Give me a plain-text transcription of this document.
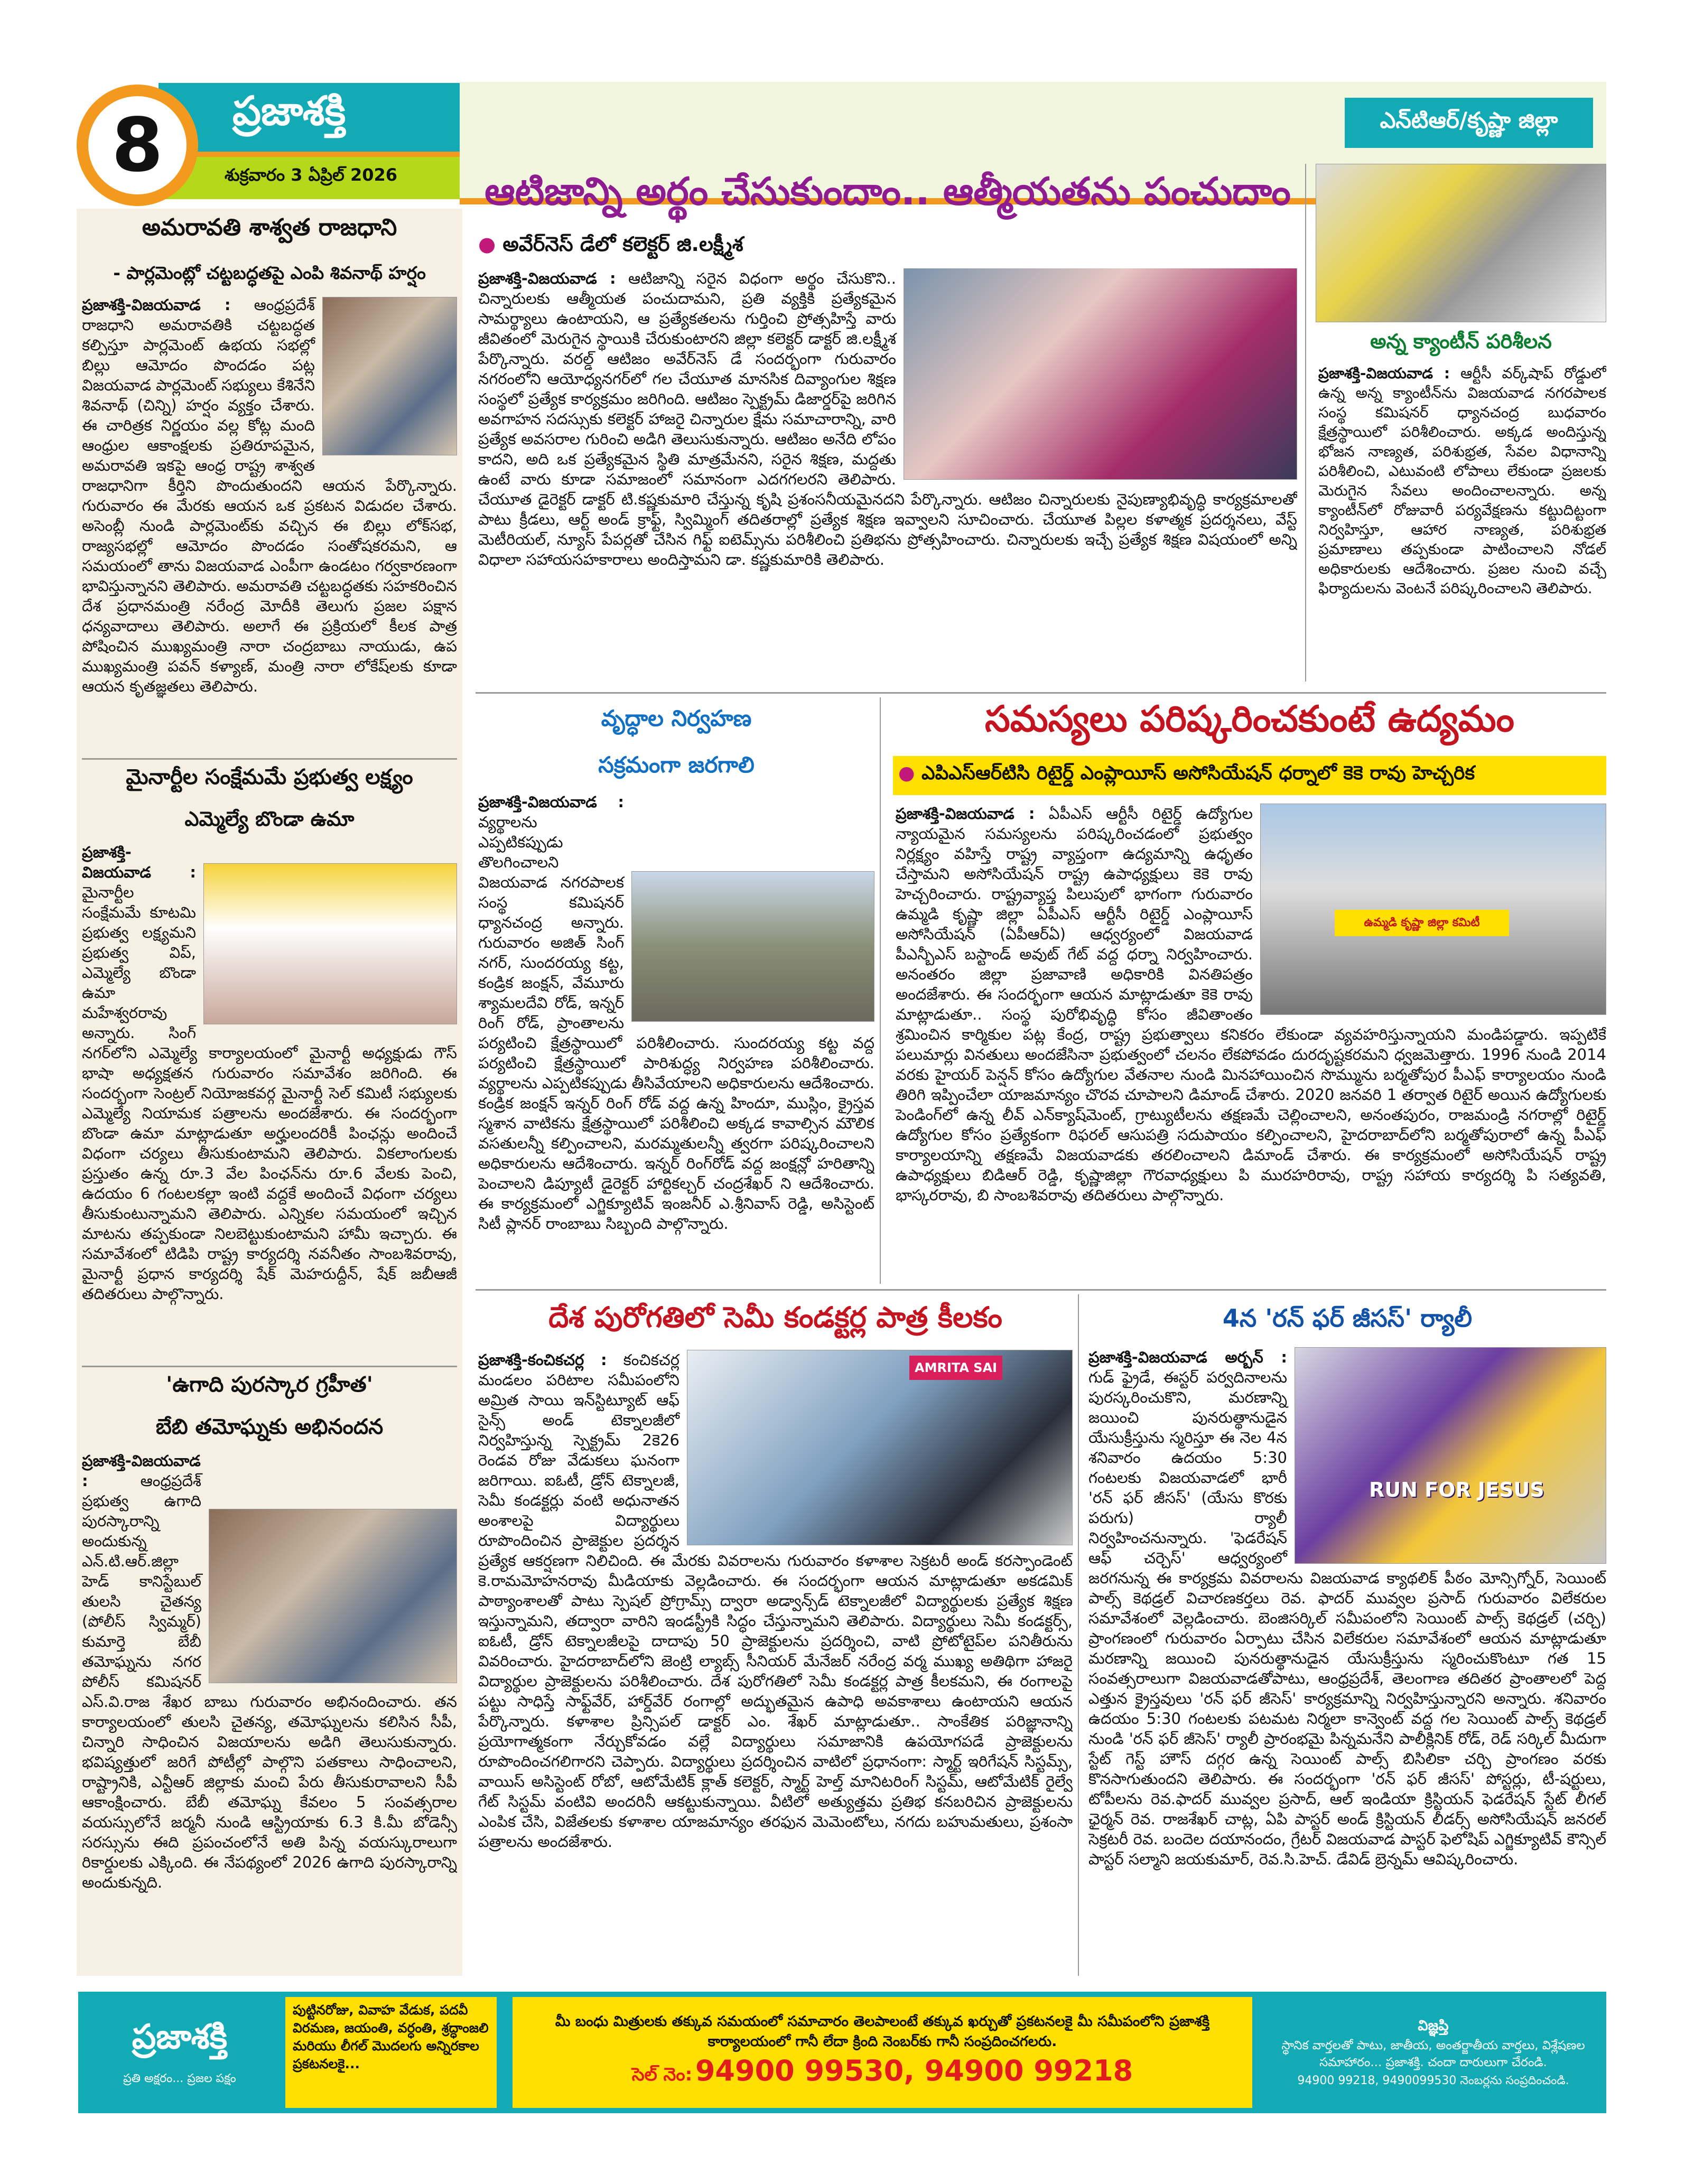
8 ప్రజాశక్తి
శుక్రవారం 3 ఏప్రిల్ 2026
ఎన్‌టిఆర్/కృష్ణా జిల్లా
అమరావతి శాశ్వత రాజధాని
- పార్లమెంట్లో చట్టబద్ధతపై ఎంపి శివనాథ్ హర్షం
ప్రజాశక్తి-విజయవాడ : ఆంధ్రప్రదేశ్ రాజధాని అమరావతికి చట్టబద్ధత కల్పిస్తూ పార్లమెంట్ ఉభయ సభల్లో బిల్లు ఆమోదం పొందడం పట్ల విజయవాడ పార్లమెంట్ సభ్యులు కేశినేని శివనాథ్ (చిన్ని) హర్షం వ్యక్తం చేశారు. ఈ చారిత్రక నిర్ణయం వల్ల కోట్ల మంది ఆంధ్రుల ఆకాంక్షలకు ప్రతిరూపమైన, అమరావతి ఇకపై ఆంధ్ర రాష్ట్ర శాశ్వత రాజధానిగా కీర్తిని పొందుతుందని ఆయన పేర్కొన్నారు. గురువారం ఈ మేరకు ఆయన ఒక ప్రకటన విడుదల చేశారు. అసెంబ్లీ నుండి పార్లమెంట్‌కు వచ్చిన ఈ బిల్లు లోక్‌సభ, రాజ్యసభల్లో ఆమోదం పొందడం సంతోషకరమని, ఆ సమయంలో తాను విజయవాడ ఎంపీగా ఉండటం గర్వకారణంగా భావిస్తున్నానని తెలిపారు. అమరావతి చట్టబద్ధతకు సహకరించిన దేశ ప్రధానమంత్రి నరేంద్ర మోదీకి తెలుగు ప్రజల పక్షాన ధన్యవాదాలు తెలిపారు. అలాగే ఈ ప్రక్రియలో కీలక పాత్ర పోషించిన ముఖ్యమంత్రి నారా చంద్రబాబు నాయుడు, ఉప ముఖ్యమంత్రి పవన్ కళ్యాణ్, మంత్రి నారా లోకేష్‌లకు కూడా ఆయన కృతజ్ఞతలు తెలిపారు.
మైనార్టీల సంక్షేమమే ప్రభుత్వ లక్ష్యం
ఎమ్మెల్యే బొండా ఉమా
ప్రజాశక్తి-విజయవాడ : మైనార్టీల సంక్షేమమే కూటమి ప్రభుత్వ లక్ష్యమని ప్రభుత్వ విప్, ఎమ్మెల్యే బొండా ఉమా మహేశ్వరరావు అన్నారు. సింగ్ నగర్‌లోని ఎమ్మెల్యే కార్యాలయంలో మైనార్టీ అధ్యక్షుడు గౌస్ భాషా అధ్యక్షతన గురువారం సమావేశం జరిగింది. ఈ సందర్భంగా సెంట్రల్ నియోజకవర్గ మైనార్టీ సెల్ కమిటీ సభ్యులకు ఎమ్మెల్యే నియామక పత్రాలను అందజేశారు. ఈ సందర్భంగా బొండా ఉమా మాట్లాడుతూ అర్హులందరికీ పింఛన్లు అందించే విధంగా చర్యలు తీసుకుంటామని తెలిపారు. వికలాంగులకు ప్రస్తుతం ఉన్న రూ.3 వేల పింఛన్‌ను రూ.6 వేలకు పెంచి, ఉదయం 6 గంటలకల్లా ఇంటి వద్దకే అందించే విధంగా చర్యలు తీసుకుంటున్నామని తెలిపారు. ఎన్నికల సమయంలో ఇచ్చిన మాటను తప్పకుండా నిలబెట్టుకుంటామని హామీ ఇచ్చారు. ఈ సమావేశంలో టిడిపి రాష్ట్ర కార్యదర్శి నవనీతం సాంబశివరావు, మైనార్టీ ప్రధాన కార్యదర్శి షేక్ మెహరుద్దీన్, షేక్ జబీఆజీ తదితరులు పాల్గొన్నారు.
'ఉగాది పురస్కార గ్రహీత'
బేబి తమోఘ్నకు అభినందన
ప్రజాశక్తి-విజయవాడ :	ఆంధ్రప్రదేశ్ ప్రభుత్వ ఉగాది పురస్కారాన్ని అందుకున్న ఎన్.టి.ఆర్.జిల్లా హెడ్ కానిస్టేబుల్ తులసి చైతన్య (పోలీస్ స్విమ్మర్) కుమార్తె బేబీ తమోఘ్నను నగర పోలీస్ కమిషనర్ ఎస్.వి.రాజ శేఖర బాబు గురువారం అభినందించారు. తన కార్యాలయంలో తులసి చైతన్య, తమోఘ్నలను కలిసిన సీపీ, చిన్నారి సాధించిన విజయాలను అడిగి తెలుసుకున్నారు. భవిష్యత్తులో జరిగే పోటీల్లో పాల్గొని పతకాలు సాధించాలని, రాష్ట్రానికి, ఎన్టీఆర్ జిల్లాకు మంచి పేరు తీసుకురావాలని సీపీ ఆకాంక్షించారు. బేబీ తమోఘ్న కేవలం 5 సంవత్సరాల వయస్సులోనే జర్మనీ నుండి ఆస్ట్రియాకు 6.3 కి.మీ బోడెన్సీ సరస్సును ఈది ప్రపంచంలోనే అతి పిన్న వయస్కురాలుగా రికార్డులకు ఎక్కింది. ఈ నేపథ్యంలో 2026 ఉగాది పురస్కారాన్ని అందుకున్నది.
ఆటిజాన్ని అర్థం చేసుకుందాం.. ఆత్మీయతను పంచుదాం
● అవేర్‌నెస్ డేలో కలెక్టర్ జి.లక్ష్మీశ
ప్రజాశక్తి-విజయవాడ : ఆటిజాన్ని సరైన విధంగా అర్థం చేసుకొని.. చిన్నారులకు ఆత్మీయత పంచుదామని, ప్రతి వ్యక్తికి ప్రత్యేకమైన సామర్థ్యాలు ఉంటాయని, ఆ ప్రత్యేకతలను గుర్తించి ప్రోత్సహిస్తే వారు జీవితంలో మెరుగైన స్థాయికి చేరుకుంటారని జిల్లా కలెక్టర్ డాక్టర్ జి.లక్ష్మీశ పేర్కొన్నారు. వరల్డ్ ఆటిజం అవేర్‌నెస్ డే సందర్భంగా గురువారం నగరంలోని ఆయోధ్యనగర్‌లో గల చేయూత మానసిక దివ్యాంగుల శిక్షణ సంస్థలో ప్రత్యేక కార్యక్రమం జరిగింది. ఆటిజం స్పెక్ట్రమ్ డిజార్డర్‌పై జరిగిన అవగాహన సదస్సుకు కలెక్టర్ హాజరై చిన్నారుల క్షేమ సమాచారాన్ని, వారి ప్రత్యేక అవసరాల గురించి అడిగి తెలుసుకున్నారు. ఆటిజం అనేది లోపం కాదని, అది ఒక ప్రత్యేకమైన స్థితి మాత్రమేనని, సరైన శిక్షణ, మద్దతు ఉంటే వారు కూడా సమాజంలో సమానంగా ఎదగగలరని తెలిపారు. చేయూత డైరెక్టర్ డాక్టర్ టి.కష్ణకుమారి చేస్తున్న కృషి ప్రశంసనీయమైనదని పేర్కొన్నారు. ఆటిజం చిన్నారులకు నైపుణ్యాభివృద్ధి కార్యక్రమాలతో పాటు క్రీడలు, ఆర్ట్ అండ్ క్రాఫ్ట్, స్విమ్మింగ్ తదితరాల్లో ప్రత్యేక శిక్షణ ఇవ్వాలని సూచించారు. చేయూత పిల్లల కళాత్మక ప్రదర్శనలు, వేస్ట్ మెటీరియల్, న్యూస్ పేపర్లతో చేసిన గిఫ్ట్ ఐటెమ్స్‌ను పరిశీలించి ప్రతిభను ప్రోత్సహించారు. చిన్నారులకు ఇచ్చే ప్రత్యేక శిక్షణ విషయంలో అన్ని విధాలా సహాయసహకారాలు అందిస్తామని డా. కష్ణకుమారికి తెలిపారు.
అన్న క్యాంటీన్ పరిశీలన
ప్రజాశక్తి-విజయవాడ : ఆర్టీసీ వర్క్‌షాప్ రోడ్డులో ఉన్న అన్న క్యాంటీన్‌ను విజయవాడ నగరపాలక సంస్థ కమిషనర్ ధ్యానచంద్ర బుధవారం క్షేత్రస్థాయిలో పరిశీలించారు. అక్కడ అందిస్తున్న భోజన నాణ్యత, పరిశుభ్రత, సేవల విధానాన్ని పరిశీలించి, ఎటువంటి లోపాలు లేకుండా ప్రజలకు మెరుగైన సేవలు అందించాలన్నారు. అన్న క్యాంటీన్‌లో రోజువారీ పర్యవేక్షణను కట్టుదిట్టంగా నిర్వహిస్తూ, ఆహార నాణ్యత, పరిశుభ్రత ప్రమాణాలు తప్పకుండా పాటించాలని నోడల్ అధికారులకు ఆదేశించారు. ప్రజల నుంచి వచ్చే ఫిర్యాదులను వెంటనే పరిష్కరించాలని తెలిపారు.
వృద్ధాల నిర్వహణ
సక్రమంగా జరగాలి
ప్రజాశక్తి-విజయవాడ : వ్యర్థాలను ఎప్పటికప్పుడు తొలగించాలని విజయవాడ నగరపాలక సంస్థ కమిషనర్ ధ్యానచంద్ర అన్నారు. గురువారం అజిత్ సింగ్ నగర్, సుందరయ్య కట్ట, కండ్రిక జంక్షన్, వేమూరు శ్యామలదేవి రోడ్, ఇన్నర్ రింగ్ రోడ్, ప్రాంతాలను పర్యటించి క్షేత్రస్థాయిలో పరిశీలించారు. సుందరయ్య కట్ట వద్ద పర్యటించి క్షేత్రస్థాయిలో పారిశుద్ధ్య నిర్వహణ పరిశీలించారు. వ్యర్థాలను ఎప్పటికప్పుడు తీసివేయాలని అధికారులను ఆదేశించారు. కండ్రిక జంక్షన్ ఇన్నర్ రింగ్ రోడ్ వద్ద ఉన్న హిందూ, ముస్లిం, క్రైస్తవ స్మశాన వాటికను క్షేత్రస్థాయిలో పరిశీలించి అక్కడ కావాల్సిన మౌలిక వసతులన్నీ కల్పించాలని, మరమ్మతులన్నీ త్వరగా పరిష్కరించాలని అధికారులను ఆదేశించారు. ఇన్నర్ రింగ్‌రోడ్ వద్ద జంక్షన్లో హరితాన్ని పెంచాలని డిప్యూటీ డైరెక్టర్ హార్టికల్చర్ చంద్రశేఖర్ ని ఆదేశించారు. ఈ కార్యక్రమంలో ఎగ్జిక్యూటివ్ ఇంజనీర్ ఎ.శ్రీనివాస్ రెడ్డి, అసిస్టెంట్ సిటీ ప్లానర్ రాంబాబు సిబ్బంది పాల్గొన్నారు.
సమస్యలు పరిష్కరించకుంటే ఉద్యమం
● ఎపిఎస్‌ఆర్‌టిసి రిటైర్డ్ ఎంప్లాయీస్ అసోసియేషన్ ధర్నాలో కెకె రావు హెచ్చరిక
ఉమ్మడి కృష్ణా జిల్లా కమిటీ
ప్రజాశక్తి-విజయవాడ : ఏపీఎస్ ఆర్టీసీ రిటైర్డ్ ఉద్యోగుల న్యాయమైన సమస్యలను పరిష్కరించడంలో ప్రభుత్వం నిర్లక్ష్యం వహిస్తే రాష్ట్ర వ్యాప్తంగా ఉద్యమాన్ని ఉధృతం చేస్తామని అసోసియేషన్ రాష్ట్ర ఉపాధ్యక్షులు కెకె రావు హెచ్చరించారు. రాష్ట్రవ్యాప్త పిలుపులో భాగంగా గురువారం ఉమ్మడి కృష్ణా జిల్లా ఏపీఎస్ ఆర్టీసీ రిటైర్డ్ ఎంప్లాయీస్ అసోసియేషన్ (ఏపీఆర్‌ఏ) ఆధ్వర్యంలో విజయవాడ పీఎన్బీఎస్ బస్టాండ్ అవుట్ గేట్ వద్ద ధర్నా నిర్వహించారు. అనంతరం జిల్లా ప్రజావాణి అధికారికి వినతిపత్రం అందజేశారు. ఈ సందర్భంగా ఆయన మాట్లాడుతూ కెకె రావు మాట్లాడుతూ.. సంస్థ పురోభివృద్ధి కోసం జీవితాంతం శ్రమించిన కార్మికుల పట్ల కేంద్ర, రాష్ట్ర ప్రభుత్వాలు కనికరం లేకుండా వ్యవహరిస్తున్నాయని మండిపడ్డారు. ఇప్పటికే పలుమార్లు వినతులు అందజేసినా ప్రభుత్వంలో చలనం లేకపోవడం దురదృష్టకరమని ధ్వజమెత్తారు. 1996 నుండి 2014 వరకు హైయర్ పెన్షన్ కోసం ఉద్యోగుల వేతనాల నుండి మినహాయించిన సొమ్మును బర్మతోపుర పీఎఫ్ కార్యాలయం నుండి తిరిగి ఇప్పించేలా యాజమాన్యం చొరవ చూపాలని డిమాండ్ చేశారు. 2020 జనవరి 1 తర్వాత రిటైర్ అయిన ఉద్యోగులకు పెండింగ్‌లో ఉన్న లీవ్ ఎన్‌క్యాష్‌మెంట్, గ్రాట్యుటీలను తక్షణమే చెల్లించాలని, అనంతపురం, రాజమండ్రి నగరాల్లో రిటైర్డ్ ఉద్యోగుల కోసం ప్రత్యేకంగా రిఫరల్ ఆసుపత్రి సదుపాయం కల్పించాలని, హైదరాబాద్‌లోని బర్మతోపురాలో ఉన్న పీఎఫ్ కార్యాలయాన్ని తక్షణమే విజయవాడకు తరలించాలని డిమాండ్ చేశారు. ఈ కార్యక్రమంలో అసోసియేషన్ రాష్ట్ర ఉపాధ్యక్షులు బిడిఆర్ రెడ్డి, కృష్ణాజిల్లా గౌరవాధ్యక్షులు పి మురహరిరావు, రాష్ట్ర సహాయ కార్యదర్శి పి సత్యవతి, భాస్కరరావు, బి సాంబశివరావు తదితరులు పాల్గొన్నారు.
దేశ పురోగతిలో సెమీ కండక్టర్ల పాత్ర కీలకం
AMRITA SAI
ప్రజాశక్తి-కంచికచర్ల : కంచికచర్ల మండలం పరిటాల సమీపంలోని అమ్రిత సాయి ఇన్‌స్టిట్యూట్ ఆఫ్ సైన్స్ అండ్ టెక్నాలజీలో నిర్వహిస్తున్న స్పెక్ట్రమ్ 2కె26 రెండవ రోజు వేడుకలు ఘనంగా జరిగాయి. ఐఓటీ, డ్రోన్ టెక్నాలజీ, సెమీ కండక్టర్లు వంటి అధునాతన అంశాలపై విద్యార్థులు రూపొందించిన ప్రాజెక్టుల ప్రదర్శన ప్రత్యేక ఆకర్షణగా నిలిచింది. ఈ మేరకు వివరాలను గురువారం కళాశాల సెక్రటరీ అండ్ కరస్పాండెంట్ కె.రామమోహనరావు మీడియాకు వెల్లడించారు. ఈ సందర్భంగా ఆయన మాట్లాడుతూ అకడమిక్ పాఠ్యాంశాలతో పాటు స్పెషల్ ప్రోగ్రామ్స్ ద్వారా అడ్వాన్స్‌డ్ టెక్నాలజీలో విద్యార్థులకు ప్రత్యేక శిక్షణ ఇస్తున్నామని, తద్వారా వారిని ఇండస్ట్రీకి సిద్ధం చేస్తున్నామని తెలిపారు. విద్యార్థులు సెమీ కండక్టర్స్, ఐఓటీ, డ్రోన్ టెక్నాలజీలపై దాదాపు 50 ప్రాజెక్టులను ప్రదర్శించి, వాటి ప్రోటోటైప్‌ల పనితీరును వివరించారు. హైదరాబాద్‌లోని జెంట్రి ల్యాబ్స్ సీనియర్ మేనేజర్ నరేంద్ర వర్మ ముఖ్య అతిథిగా హాజరై విద్యార్థుల ప్రాజెక్టులను పరిశీలించారు. దేశ పురోగతిలో సెమీ కండక్టర్ల పాత్ర కీలకమని, ఈ రంగాలపై పట్టు సాధిస్తే సాఫ్ట్‌వేర్, హార్డ్‌వేర్ రంగాల్లో అద్భుతమైన ఉపాధి అవకాశాలు ఉంటాయని ఆయన పేర్కొన్నారు. కళాశాల ప్రిన్సిపల్ డాక్టర్ ఎం. శేఖర్ మాట్లాడుతూ.. సాంకేతిక పరిజ్ఞానాన్ని ప్రయోగాత్మకంగా నేర్చుకోవడం వల్లే విద్యార్థులు సమాజానికి ఉపయోగపడే ప్రాజెక్టులను రూపొందించగలిగారని చెప్పారు. విద్యార్థులు ప్రదర్శించిన వాటిలో ప్రధానంగా: స్మార్ట్ ఇరిగేషన్ సిస్టమ్స్, వాయిస్ అసిస్టెంట్ రోబో, ఆటోమేటిక్ క్లాత్ కలెక్టర్, స్మార్ట్ హెల్త్ మానిటరింగ్ సిస్టమ్, ఆటోమేటిక్ రైల్వే గేట్ సిస్టమ్ వంటివి అందరినీ ఆకట్టుకున్నాయి. వీటిలో అత్యుత్తమ ప్రతిభ కనబరిచిన ప్రాజెక్టులను ఎంపిక చేసి, విజేతలకు కళాశాల యాజమాన్యం తరఫున మెమెంటోలు, నగదు బహుమతులు, ప్రశంసా పత్రాలను అందజేశారు.
4న 'రన్ ఫర్ జీసస్' ర్యాలీ
RUN FOR JESUS
ప్రజాశక్తి-విజయవాడ అర్బన్ : గుడ్ ఫ్రైడే, ఈస్టర్ పర్వదినాలను పురస్కరించుకొని, మరణాన్ని జయించి పునరుత్థానుడైన యేసుక్రీస్తును స్మరిస్తూ ఈ నెల 4న శనివారం ఉదయం 5:30 గంటలకు విజయవాడలో భారీ 'రన్ ఫర్ జీసస్' (యేసు కొరకు పరుగు) ర్యాలీ నిర్వహించనున్నారు. 'ఫెడరేషన్ ఆఫ్ చర్చెస్' ఆధ్వర్యంలో జరగనున్న ఈ కార్యక్రమ వివరాలను విజయవాడ క్యాథలిక్ పీఠం మోన్సిగ్నోర్, సెయింట్ పాల్స్ కెథడ్రల్ విచారణకర్తలు రెవ. ఫాదర్ మువ్వల ప్రసాద్ గురువారం విలేకరుల సమావేశంలో వెల్లడించారు. బెంజిసర్కిల్ సమీపంలోని సెయింట్ పాల్స్ కెథడ్రల్ (చర్చి) ప్రాంగణంలో గురువారం ఏర్పాటు చేసిన విలేకరుల సమావేశంలో ఆయన మాట్లాడుతూ మరణాన్ని జయించి పునరుత్థానుడైన యేసుక్రీస్తును స్మరించుకొంటూ గత 15 సంవత్సరాలుగా విజయవాడతోపాటు, ఆంధ్రప్రదేశ్, తెలంగాణ తదితర ప్రాంతాలలో పెద్ద ఎత్తున క్రైస్తవులు 'రన్ ఫర్ జీసెస్' కార్యక్రమాన్ని నిర్వహిస్తున్నారని అన్నారు. శనివారం ఉదయం 5:30 గంటలకు పటమట నిర్మలా కాన్వెంట్ వద్ద గల సెయింట్ పాల్స్ కెథడ్రల్ నుండి 'రన్ ఫర్ జీసెస్' ర్యాలీ ప్రారంభమై పిన్నమనేని పాలీక్లినిక్ రోడ్, రెడ్ సర్కిల్ మీదుగా స్టేట్ గెస్ట్ హౌస్ దగ్గర ఉన్న సెయింట్ పాల్స్ బిసిలికా చర్చి ప్రాంగణం వరకు కొనసాగుతుందని తెలిపారు. ఈ సందర్భంగా 'రన్ ఫర్ జీసస్' పోస్టర్లు, టీ-షర్టులు, టోపీలను రెవ.ఫాదర్ మువ్వల ప్రసాద్, ఆల్ ఇండియా క్రిస్టియన్ ఫెడరేషన్ స్టేట్ లీగల్ ఛైర్మన్ రెవ. రాజశేఖర్ చాట్ల, ఏపి పాస్టర్ అండ్ క్రిస్టియన్ లీడర్స్ అసోసియేషన్ జనరల్ సెక్రటరీ రెవ. బందెల దయానందం, గ్రేటర్ విజయవాడ పాస్టర్ ఫెలోషిప్ ఎగ్జిక్యూటివ్ కౌన్సిల్ పాస్టర్ సల్మాని జయకుమార్, రెవ.సి.హెచ్. డేవిడ్ బ్రెన్నమ్ ఆవిష్కరించారు.
ప్రజాశక్తి
ప్రతి అక్షరం... ప్రజల పక్షం
పుట్టినరోజు, వివాహ వేడుక, పదవీ విరమణ, జయంతి, వర్ధంతి, శ్రద్ధాంజలి మరియు లీగల్ మొదలగు అన్నిరకాల ప్రకటనలకై...
మీ బంధు మిత్రులకు తక్కువ సమయంలో సమాచారం తెలపాలంటే తక్కువ ఖర్చుతో ప్రకటనలకై మీ సమీపంలోని ప్రజాశక్తి కార్యాలయంలో గానీ లేదా క్రింది నెంబర్‌కు గానీ సంప్రదించగలరు.
సెల్ నెం: 94900 99530, 94900 99218
విజ్ఞప్తి
స్థానిక వార్తలతో పాటు, జాతీయ, అంతర్జాతీయ వార్తలు, విశ్లేషణల సమాహారం... ప్రజాశక్తి. చందా దారులుగా చేరండి.
94900 99218, 9490099530 నెంబర్లను సంప్రదించండి.
